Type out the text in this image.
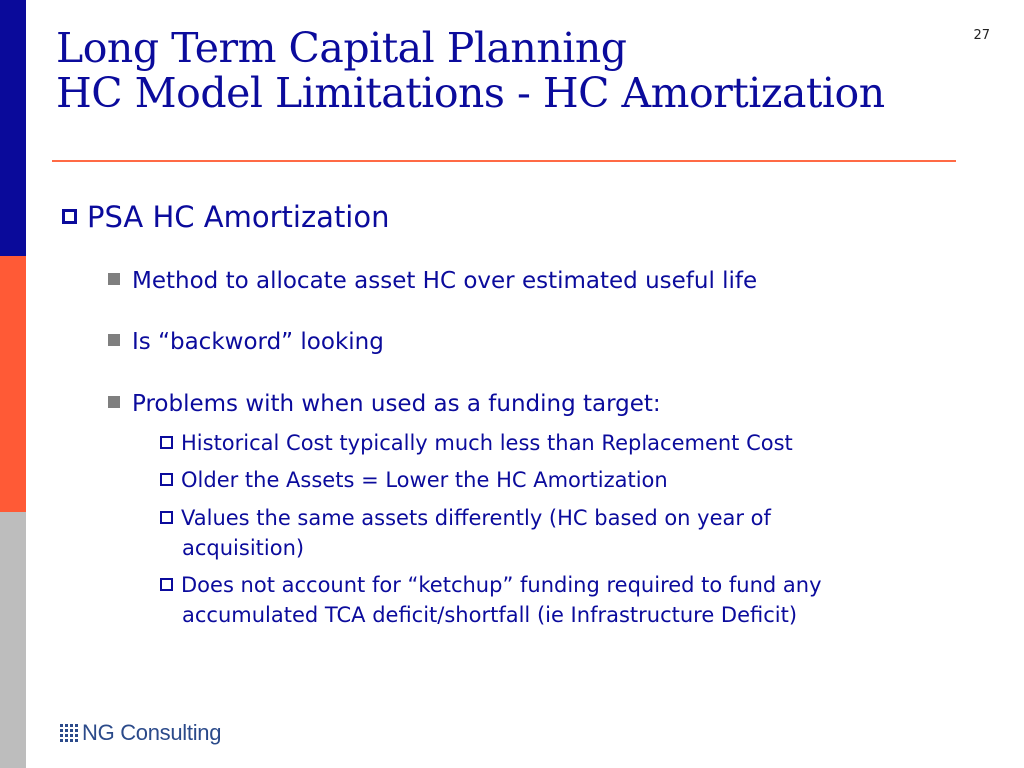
27
Long Term Capital Planning
HC Model Limitations - HC Amortization
PSA HC Amortization
Method to allocate asset HC over estimated useful life
Is “backword” looking
Problems with when used as a funding target:
Historical Cost typically much less than Replacement Cost
Older the Assets = Lower the HC Amortization
Values the same assets differently (HC based on year of
acquisition)
Does not account for “ketchup” funding required to fund any
accumulated TCA deficit/shortfall (ie Infrastructure Deficit)
NG Consulting
